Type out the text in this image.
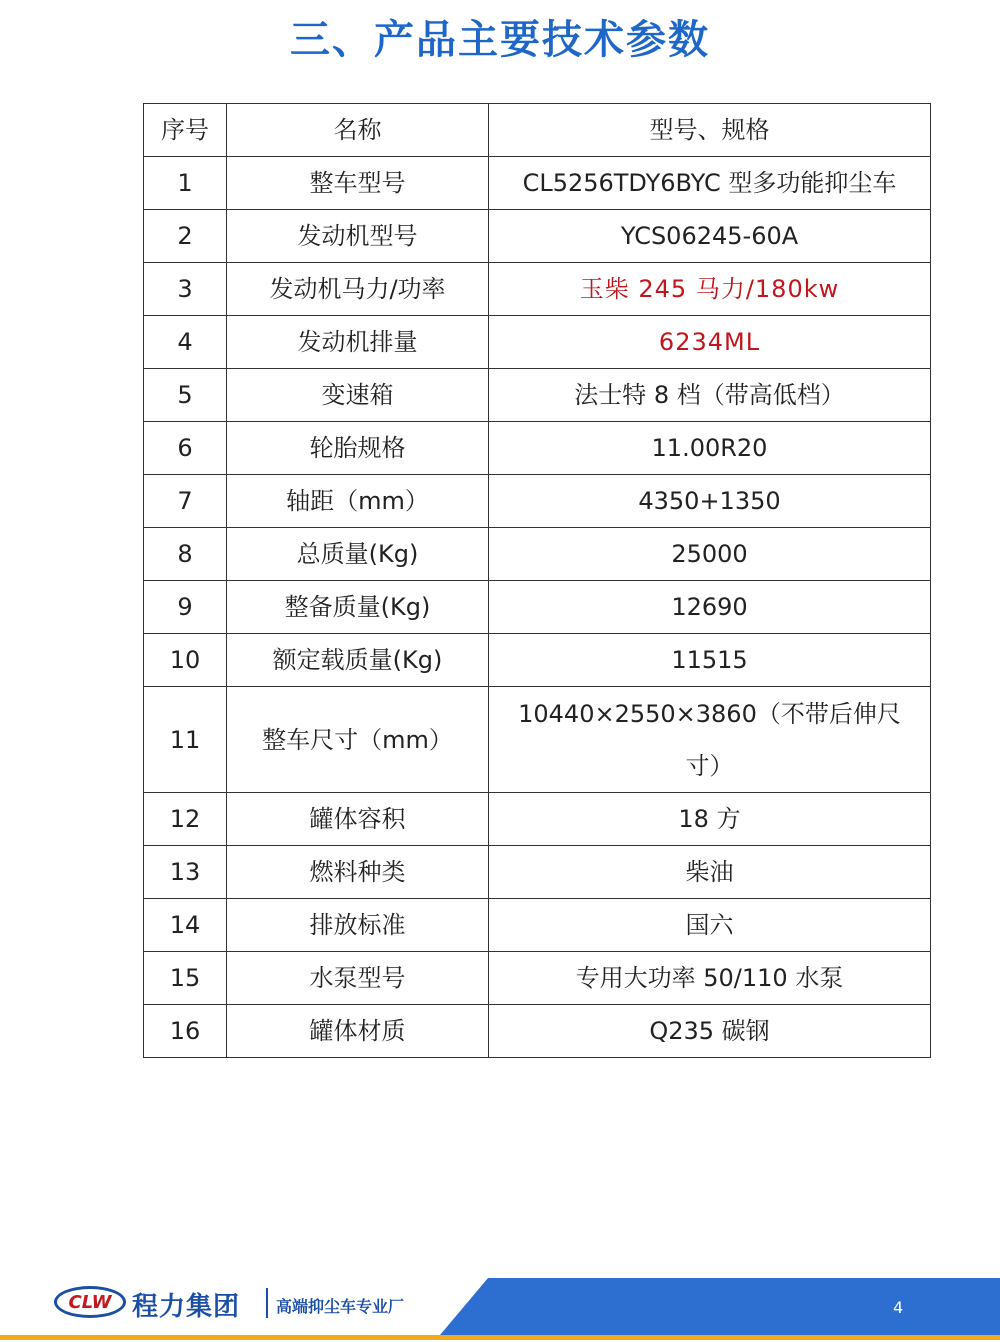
三、产品主要技术参数
序号	名称	型号、规格
1	整车型号	CL5256TDY6BYC 型多功能抑尘车
2	发动机型号	YCS06245-60A
3	发动机马力/功率	玉柴 245 马力/180kw
4	发动机排量	6234ML
5	变速箱	法士特 8 档（带高低档）
6	轮胎规格	11.00R20
7	轴距（mm）	4350+1350
8	总质量(Kg)	25000
9	整备质量(Kg)	12690
10	额定载质量(Kg)	11515
11	整车尺寸（mm）	10440×2550×3860（不带后伸尺寸）
12	罐体容积	18 方
13	燃料种类	柴油
14	排放标准	国六
15	水泵型号	专用大功率 50/110 水泵
16	罐体材质	Q235 碳钢
CLW 程力集团 高端抑尘车专业厂	4
